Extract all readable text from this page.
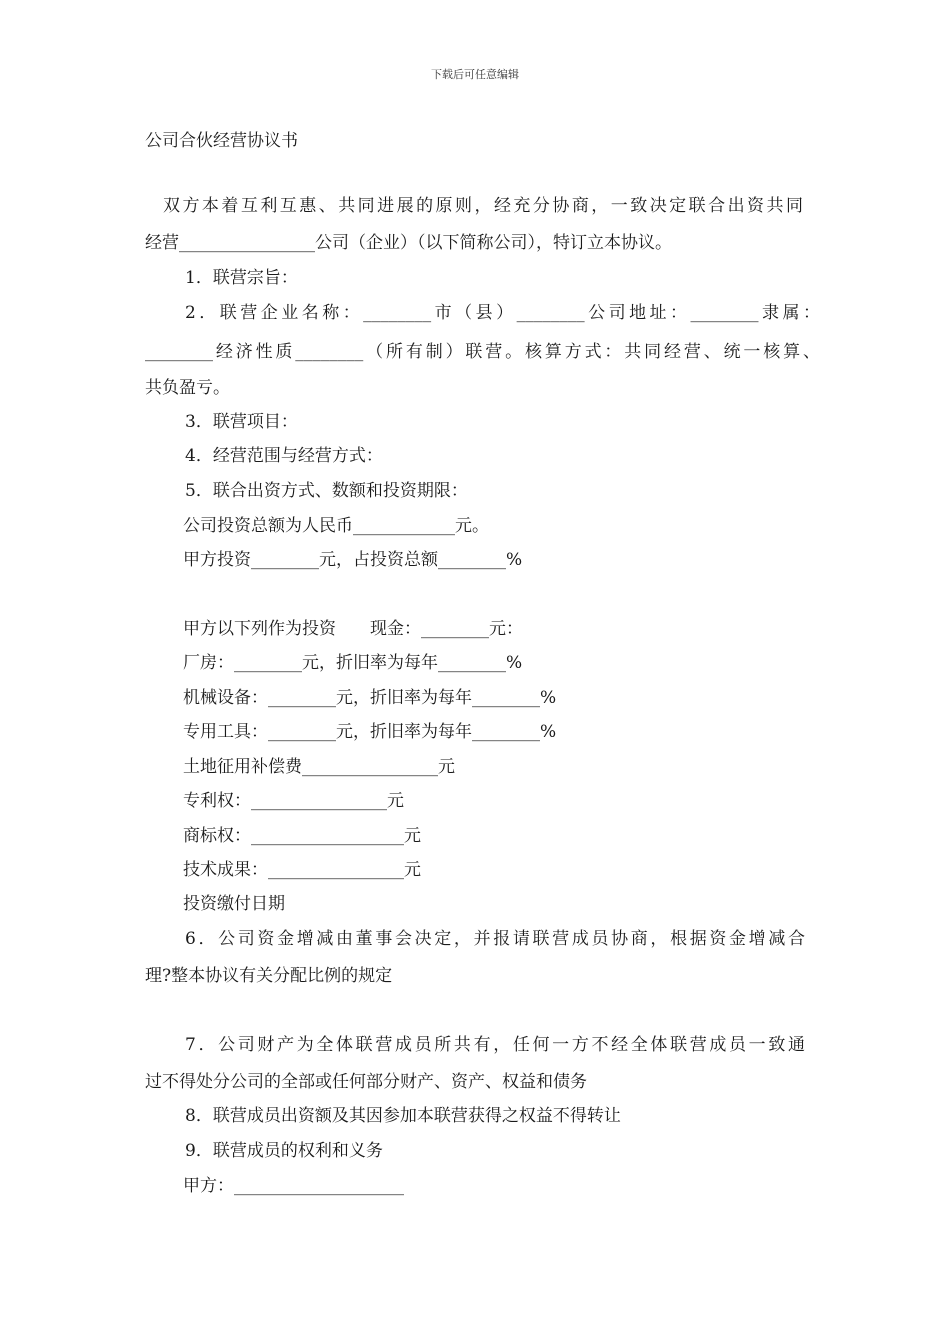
下载后可任意编辑
公司合伙经营协议书
双方本着互利互惠、共同进展的原则，经充分协商，一致决定联合出资共同
经营________________公司（企业）（以下简称公司），特订立本协议。
1．联营宗旨：
2．联营企业名称：________市（县）________公司地址：________隶属：
________经济性质________（所有制）联营。核算方式：共同经营、统一核算、
共负盈亏。
3．联营项目：
4．经营范围与经营方式：
5．联合出资方式、数额和投资期限：
公司投资总额为人民币____________元。
甲方投资________元，占投资总额________%
甲方以下列作为投资　　现金：________元：
厂房：________元，折旧率为每年________%
机械设备：________元，折旧率为每年________%
专用工具：________元，折旧率为每年________%
土地征用补偿费________________元
专利权：________________元
商标权：__________________元
技术成果：________________元
投资缴付日期
6．公司资金增减由董事会决定，并报请联营成员协商，根据资金增减合
理?整本协议有关分配比例的规定
7．公司财产为全体联营成员所共有，任何一方不经全体联营成员一致通
过不得处分公司的全部或任何部分财产、资产、权益和债务
8．联营成员出资额及其因参加本联营获得之权益不得转让
9．联营成员的权利和义务
甲方：____________________
